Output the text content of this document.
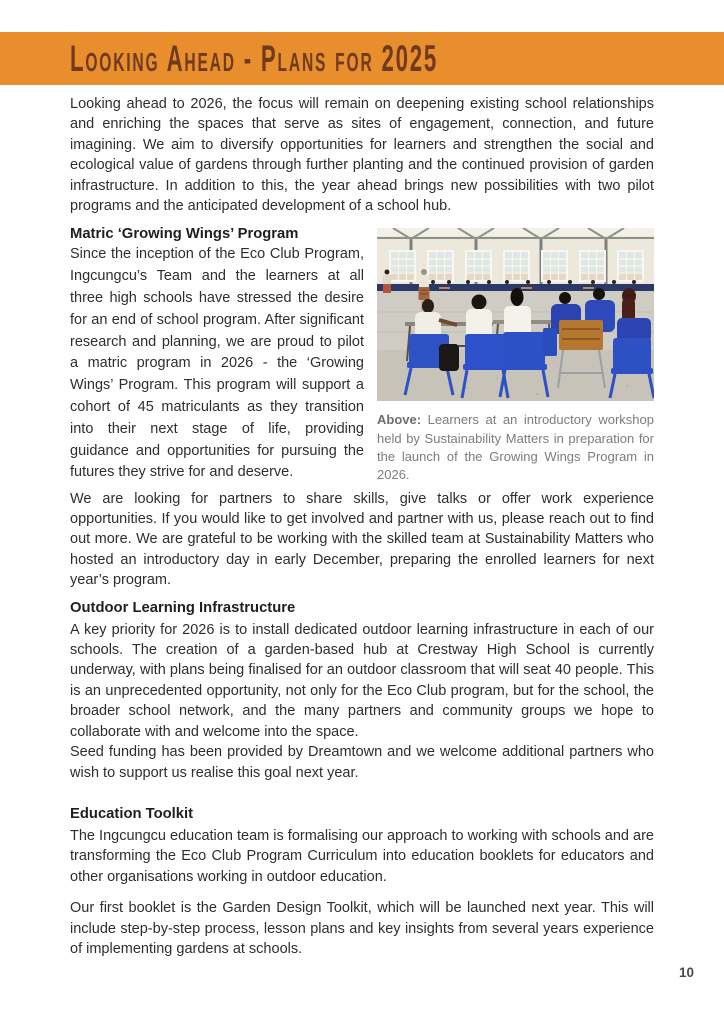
Looking Ahead - Plans for 2025

Looking ahead to 2026, the focus will remain on deepening existing school relationships and enriching the spaces that serve as sites of engagement, connection, and future imagining. We aim to diversify opportunities for learners and strengthen the social and ecological value of gardens through further planting and the continued provision of garden infrastructure. In addition to this, the year ahead brings new possibilities with two pilot programs and the anticipated development of a school hub.

Matric ‘Growing Wings’ Program

Since the inception of the Eco Club Program, Ingcungcu’s Team and the learners at all three high schools have stressed the desire for an end of school program. After significant research and planning, we are proud to pilot a matric program in 2026 - the ‘Growing Wings’ Program. This program will support a cohort of 45 matriculants as they transition into their next stage of life, providing guidance and opportunities for pursuing the futures they strive for and deserve.

Above: Learners at an introductory workshop held by Sustainability Matters in preparation for the launch of the Growing Wings Program in 2026.

We are looking for partners to share skills, give talks or offer work experience opportunities. If you would like to get involved and partner with us, please reach out to find out more. We are grateful to be working with the skilled team at Sustainability Matters who hosted an introductory day in early December, preparing the enrolled learners for next year’s program.

Outdoor Learning Infrastructure

A key priority for 2026 is to install dedicated outdoor learning infrastructure in each of our schools. The creation of a garden-based hub at Crestway High School is currently underway, with plans being finalised for an outdoor classroom that will seat 40 people. This is an unprecedented opportunity, not only for the Eco Club program, but for the school, the broader school network, and the many partners and community groups we hope to collaborate with and welcome into the space.

Seed funding has been provided by Dreamtown and we welcome additional partners who wish to support us realise this goal next year.

Education Toolkit

The Ingcungcu education team is formalising our approach to working with schools and are transforming the Eco Club Program Curriculum into education booklets for educators and other organisations working in outdoor education.

Our first booklet is the Garden Design Toolkit, which will be launched next year. This will include step-by-step process, lesson plans and key insights from several years experience of implementing gardens at schools.

10
